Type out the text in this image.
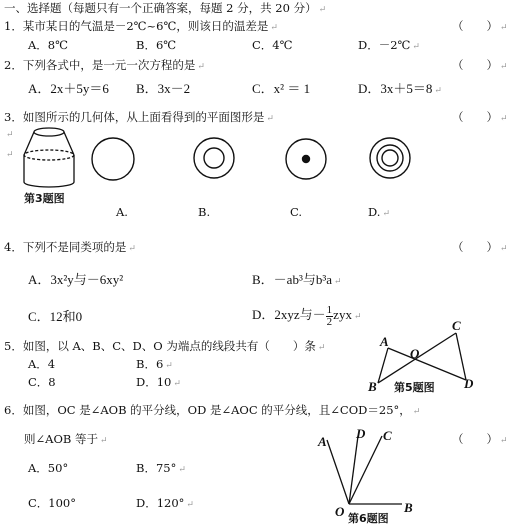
一、选择题（每题只有一个正确答案，每题 2 分，共 20 分） ↵
1．某市某日的气温是－2℃~6℃，则该日的温差是 ↵	（　　） ↵
A．8℃	B．6℃	C．4℃	D．－2℃ ↵
2．下列各式中，是一元一次方程的是 ↵	（　　） ↵
A．2x＋5y＝6 B．3x－2	C．x² ＝ 1	D．3x＋5＝8 ↵
3．如图所示的几何体，从上面看得到的平面图形是 ↵	（　　） ↵
↵
↵
第3题图
A.	B.	C.	D. ↵
4．下列不是同类项的是 ↵	（　　） ↵
A．3x²y与－6xy²	B．－ab³与b³a ↵
C．12和0	D．2xyz与－ $\frac{1}{2}$ zyx ↵
5．如图，以 A、B、C、D、O 为端点的线段共有（　　）条 ↵
A．4	B．6 ↵
C．8	D．10 ↵	第5题图
6．如图，OC 是∠AOB 的平分线，OD 是∠AOC 的平分线，且∠COD＝25°， ↵
则∠AOB 等于 ↵	（　　） ↵
A．50°	B．75° ↵
C．100°	D．120° ↵
第6题图
A
B
C
D
O
A
D C
O	B
